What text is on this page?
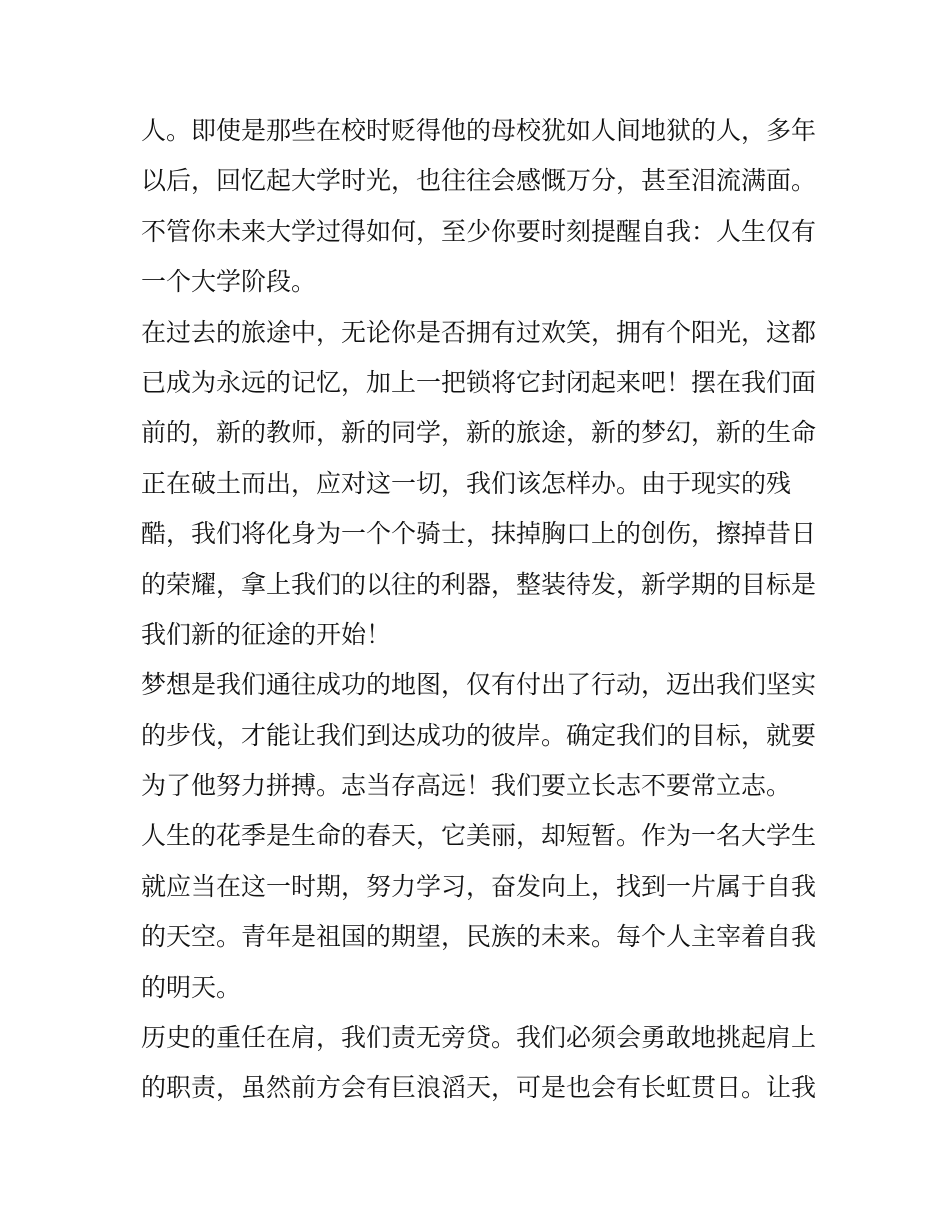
人。即使是那些在校时贬得他的母校犹如人间地狱的人，多年
以后，回忆起大学时光，也往往会感慨万分，甚至泪流满面。
不管你未来大学过得如何，至少你要时刻提醒自我：人生仅有
一个大学阶段。
在过去的旅途中，无论你是否拥有过欢笑，拥有个阳光，这都
已成为永远的记忆，加上一把锁将它封闭起来吧！摆在我们面
前的，新的教师，新的同学，新的旅途，新的梦幻，新的生命
正在破土而出，应对这一切，我们该怎样办。由于现实的残
酷，我们将化身为一个个骑士，抹掉胸口上的创伤，擦掉昔日
的荣耀，拿上我们的以往的利器，整装待发，新学期的目标是
我们新的征途的开始！
梦想是我们通往成功的地图，仅有付出了行动，迈出我们坚实
的步伐，才能让我们到达成功的彼岸。确定我们的目标，就要
为了他努力拼搏。志当存高远！我们要立长志不要常立志。
人生的花季是生命的春天，它美丽，却短暂。作为一名大学生
就应当在这一时期，努力学习，奋发向上，找到一片属于自我
的天空。青年是祖国的期望，民族的未来。每个人主宰着自我
的明天。
历史的重任在肩，我们责无旁贷。我们必须会勇敢地挑起肩上
的职责，虽然前方会有巨浪滔天，可是也会有长虹贯日。让我
